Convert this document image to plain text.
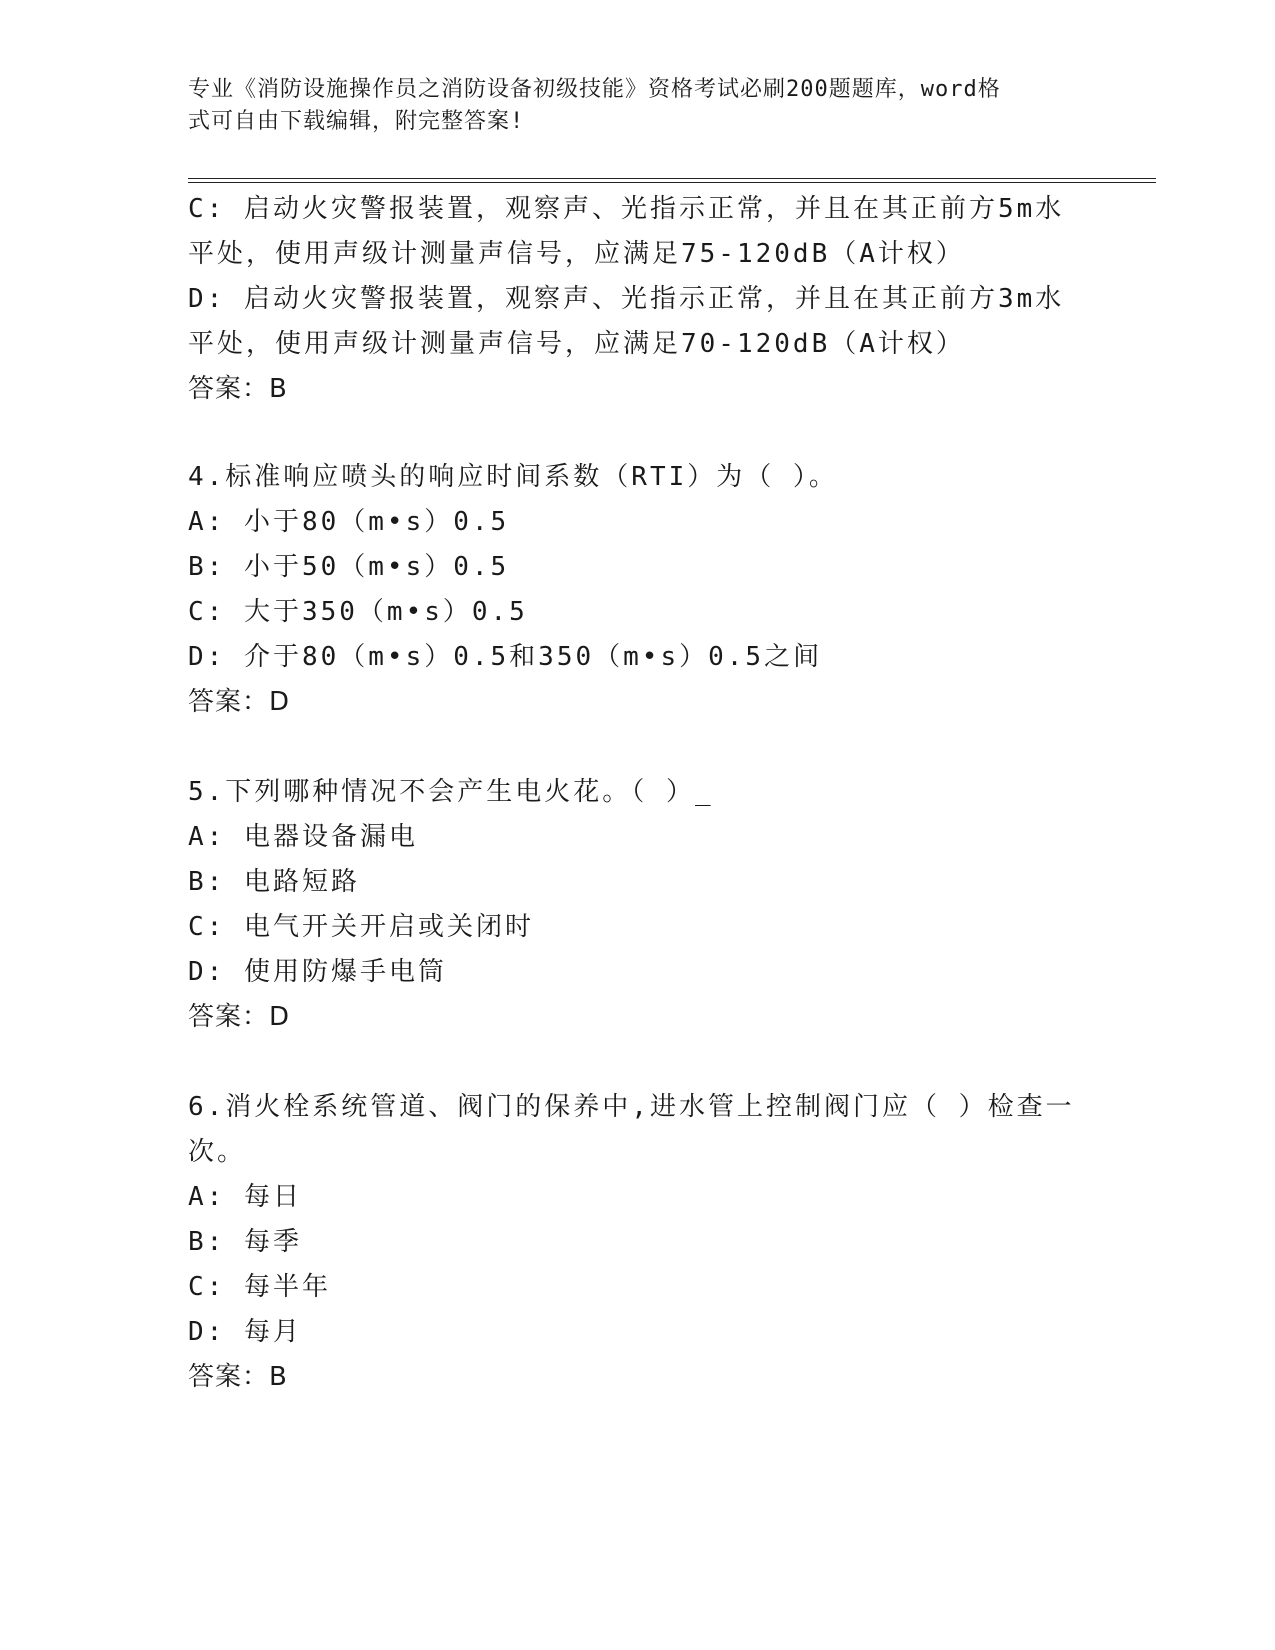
专业《消防设施操作员之消防设备初级技能》资格考试必刷200题题库，word格
式可自由下载编辑，附完整答案!
C: 启动火灾警报装置，观察声、光指示正常，并且在其正前方5m水
平处，使用声级计测量声信号，应满足75-120dB（A计权）
D: 启动火灾警报装置，观察声、光指示正常，并且在其正前方3m水
平处，使用声级计测量声信号，应满足70-120dB（A计权）
答案：B
4.标准响应喷头的响应时间系数（RTI）为（ ）。
A: 小于80（m•s）0.5
B: 小于50（m•s）0.5
C: 大于350（m•s）0.5
D: 介于80（m•s）0.5和350（m•s）0.5之间
答案：D
5.下列哪种情况不会产生电火花。（ ）_
A: 电器设备漏电
B: 电路短路
C: 电气开关开启或关闭时
D: 使用防爆手电筒
答案：D
6.消火栓系统管道、阀门的保养中,进水管上控制阀门应（ ）检查一
次。
A: 每日
B: 每季
C: 每半年
D: 每月
答案：B
